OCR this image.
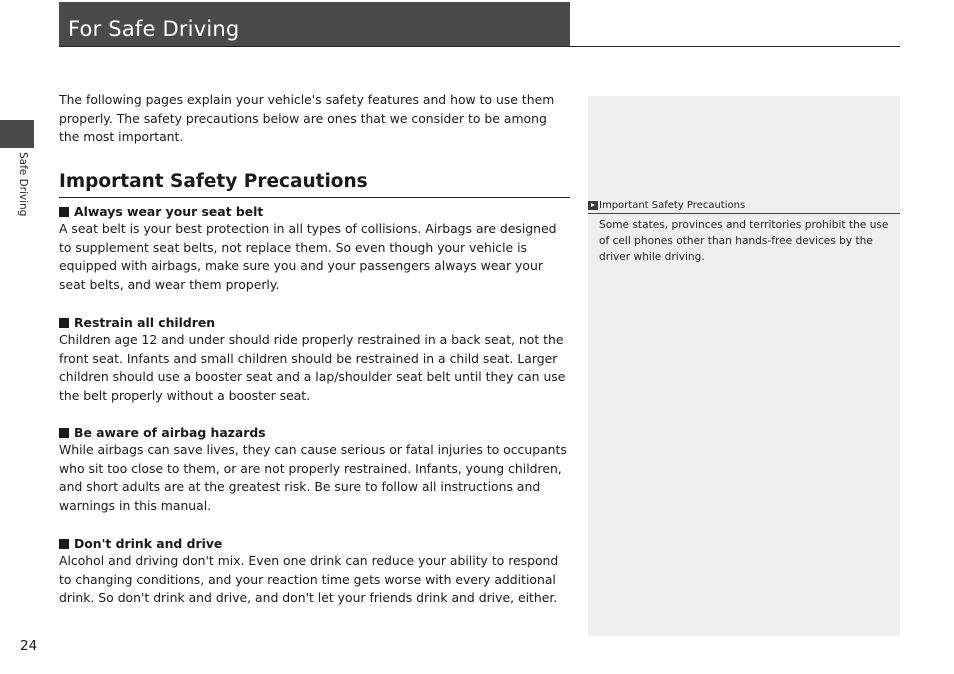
For Safe Driving
Safe Driving

The following pages explain your vehicle's safety features and how to use them properly. The safety precautions below are ones that we consider to be among the most important.

Important Safety Precautions
Always wear your seat belt

A seat belt is your best protection in all types of collisions. Airbags are designed to supplement seat belts, not replace them. So even though your vehicle is equipped with airbags, make sure you and your passengers always wear your seat belts, and wear them properly.

Restrain all children

Children age 12 and under should ride properly restrained in a back seat, not the front seat. Infants and small children should be restrained in a child seat. Larger children should use a booster seat and a lap/shoulder seat belt until they can use the belt properly without a booster seat.

Be aware of airbag hazards

While airbags can save lives, they can cause serious or fatal injuries to occupants who sit too close to them, or are not properly restrained. Infants, young children, and short adults are at the greatest risk. Be sure to follow all instructions and warnings in this manual.

Don't drink and drive

Alcohol and driving don't mix. Even one drink can reduce your ability to respond to changing conditions, and your reaction time gets worse with every additional drink. So don't drink and drive, and don't let your friends drink and drive, either.

Important Safety Precautions

Some states, provinces and territories prohibit the use of cell phones other than hands-free devices by the driver while driving.

24
